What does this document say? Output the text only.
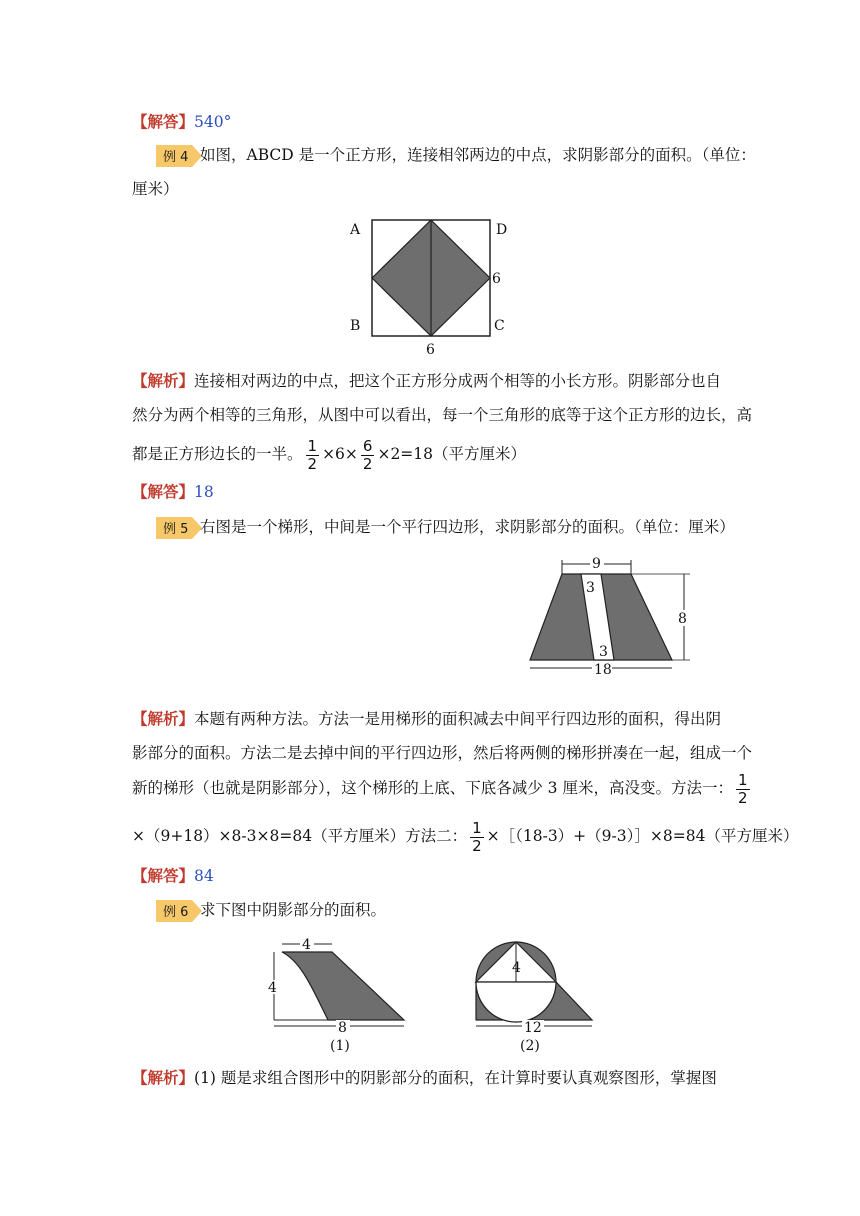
【解答】540°
例 4 如图，ABCD 是一个正方形，连接相邻两边的中点，求阴影部分的面积。（单位：
厘米）
A	D
6
B	C
6
【解析】连接相对两边的中点，把这个正方形分成两个相等的小长方形。阴影部分也自
然分为两个相等的三角形，从图中可以看出，每一个三角形的底等于这个正方形的边长，高
都是正方形边长的一半。 $\frac{1}{2} \times 6\times \frac{6}{2} \times 2=18$（平方厘米）
【解答】18
例 5 右图是一个梯形，中间是一个平行四边形，求阴影部分的面积。（单位：厘米）
9
3
3
8
18
【解析】本题有两种方法。方法一是用梯形的面积减去中间平行四边形的面积，得出阴
影部分的面积。方法二是去掉中间的平行四边形，然后将两侧的梯形拼凑在一起，组成一个
新的梯形（也就是阴影部分），这个梯形的上底、下底各减少 3 厘米，高没变。方法一： $\frac{1}{2}$
×（9+18）×8-3×8=84（平方厘米）方法二： $\frac{1}{2}$ ×［（18-3）+（9-3）］×8=84（平方厘米）
【解答】84
例 6 求下图中阴影部分的面积。
4
4
8
(1)
4
12
(2)
【解析】(1) 题是求组合图形中的阴影部分的面积，在计算时要认真观察图形，掌握图
